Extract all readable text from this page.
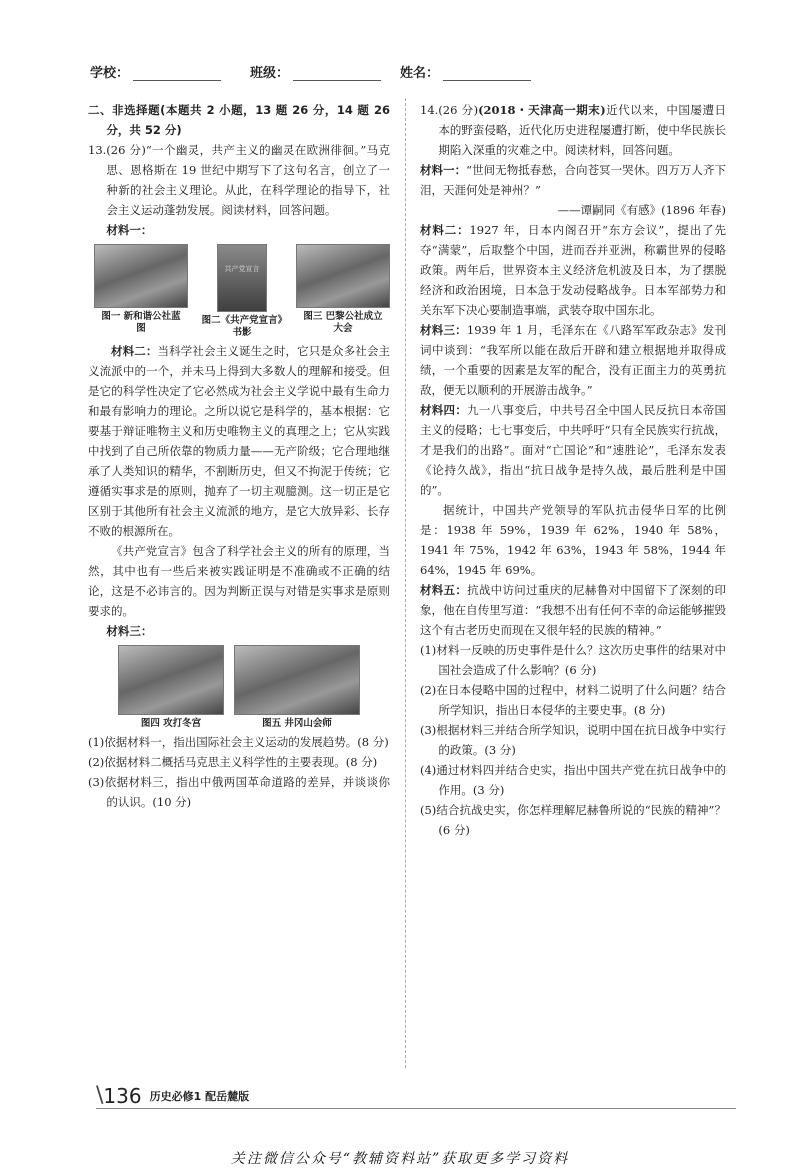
学校：	班级：	姓名：

二、非选择题(本题共 2 小题，13 题 26 分，14 题 26 分，共 52 分)

13.(26 分)“一个幽灵，共产主义的幽灵在欧洲徘徊。”马克思、恩格斯在 19 世纪中期写下了这句名言，创立了一种新的社会主义理论。从此，在科学理论的指导下，社会主义运动蓬勃发展。阅读材料，回答问题。

材料一：

图一 新和谐公社蓝图
共产党宣言
图二《共产党宣言》书影
图三 巴黎公社成立大会

材料二：当科学社会主义诞生之时，它只是众多社会主义流派中的一个，并未马上得到大多数人的理解和接受。但是它的科学性决定了它必然成为社会主义学说中最有生命力和最有影响力的理论。之所以说它是科学的，基本根据：它要基于辩证唯物主义和历史唯物主义的真理之上；它从实践中找到了自己所依靠的物质力量——无产阶级；它合理地继承了人类知识的精华，不割断历史，但又不拘泥于传统；它遵循实事求是的原则，抛弃了一切主观臆测。这一切正是它区别于其他所有社会主义流派的地方，是它大放异彩、长存不败的根源所在。

《共产党宣言》包含了科学社会主义的所有的原理，当然，其中也有一些后来被实践证明是不准确或不正确的结论，这是不必讳言的。因为判断正误与对错是实事求是原则要求的。

材料三：

图四 攻打冬宫	图五 井冈山会师

(1)依据材料一，指出国际社会主义运动的发展趋势。(8 分)

(2)依据材料二概括马克思主义科学性的主要表现。(8 分)

(3)依据材料三，指出中俄两国革命道路的差异，并谈谈你的认识。(10 分)

14.(26 分)(2018・天津高一期末)近代以来，中国屡遭日本的野蛮侵略，近代化历史进程屡遭打断，使中华民族长期陷入深重的灾难之中。阅读材料，回答问题。

材料一：“世间无物抵春愁，合向苍冥一哭休。四万万人齐下泪，天涯何处是神州？”

——谭嗣同《有感》(1896 年春)

材料二：1927 年，日本内阁召开“东方会议”，提出了先夺“满蒙”，后取整个中国，进而吞并亚洲，称霸世界的侵略政策。两年后，世界资本主义经济危机波及日本，为了摆脱经济和政治困境，日本急于发动侵略战争。日本军部势力和关东军下决心要制造事端，武装夺取中国东北。

材料三：1939 年 1 月，毛泽东在《八路军军政杂志》发刊词中谈到：“我军所以能在敌后开辟和建立根据地并取得成绩，一个重要的因素是友军的配合，没有正面主力的英勇抗敌，便无以顺利的开展游击战争。”

材料四：九一八事变后，中共号召全中国人民反抗日本帝国主义的侵略；七七事变后，中共呼吁“只有全民族实行抗战，才是我们的出路”。面对“亡国论”和“速胜论”，毛泽东发表《论持久战》，指出“抗日战争是持久战，最后胜利是中国的”。

据统计，中国共产党领导的军队抗击侵华日军的比例是：1938 年 59%，1939 年 62%，1940 年 58%，1941 年 75%，1942 年 63%，1943 年 58%，1944 年 64%，1945 年 69%。

材料五：抗战中访问过重庆的尼赫鲁对中国留下了深刻的印象，他在自传里写道：“我想不出有任何不幸的命运能够摧毁这个有古老历史而现在又很年轻的民族的精神。”

(1)材料一反映的历史事件是什么？这次历史事件的结果对中国社会造成了什么影响？(6 分)

(2)在日本侵略中国的过程中，材料二说明了什么问题？结合所学知识，指出日本侵华的主要史事。(8 分)

(3)根据材料三并结合所学知识，说明中国在抗日战争中实行的政策。(3 分)

(4)通过材料四并结合史实，指出中国共产党在抗日战争中的作用。(3 分)

(5)结合抗战史实，你怎样理解尼赫鲁所说的“民族的精神”？(6 分)

\ 136 历史必修1 配岳麓版
关注微信公众号“教辅资料站”获取更多学习资料
